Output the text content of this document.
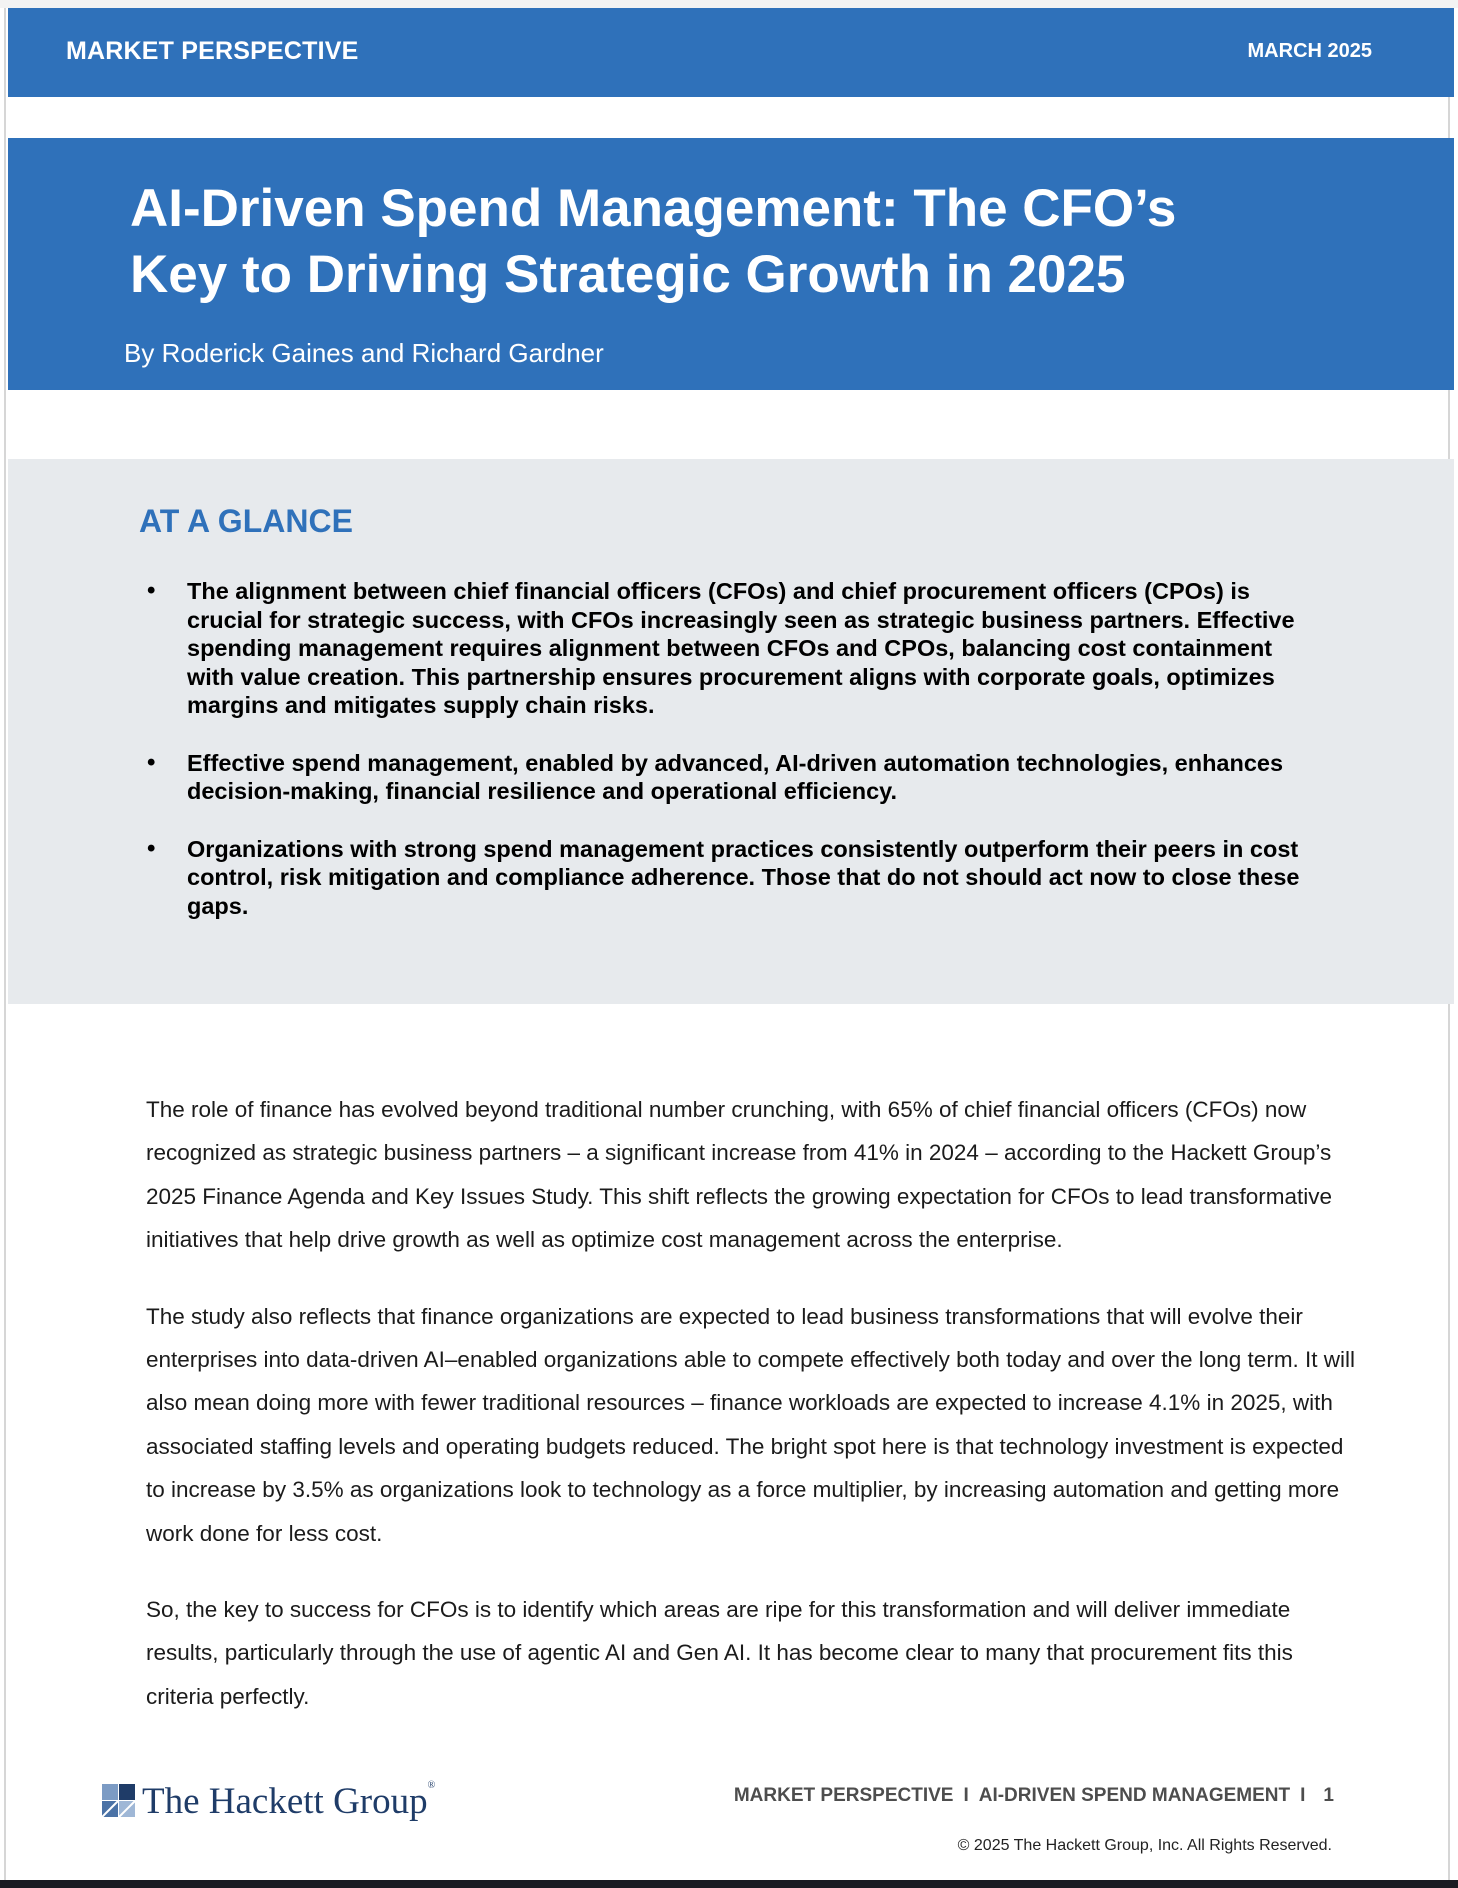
MARKET PERSPECTIVE	MARCH 2025
AI-Driven Spend Management: The CFO’s
Key to Driving Strategic Growth in 2025
By Roderick Gaines and Richard Gardner
AT A GLANCE
• The alignment between chief financial officers (CFOs) and chief procurement officers (CPOs) is crucial for strategic success, with CFOs increasingly seen as strategic business partners. Effective spending management requires alignment between CFOs and CPOs, balancing cost containment with value creation. This partnership ensures procurement aligns with corporate goals, optimizes margins and mitigates supply chain risks.
• Effective spend management, enabled by advanced, AI-driven automation technologies, enhances decision-making, financial resilience and operational efficiency.
• Organizations with strong spend management practices consistently outperform their peers in cost control, risk mitigation and compliance adherence. Those that do not should act now to close these gaps.

The role of finance has evolved beyond traditional number crunching, with 65% of chief financial officers (CFOs) now recognized as strategic business partners – a significant increase from 41% in 2024 – according to the Hackett Group’s 2025 Finance Agenda and Key Issues Study. This shift reflects the growing expectation for CFOs to lead transformative initiatives that help drive growth as well as optimize cost management across the enterprise.

The study also reflects that finance organizations are expected to lead business transformations that will evolve their enterprises into data-driven AI–enabled organizations able to compete effectively both today and over the long term. It will also mean doing more with fewer traditional resources – finance workloads are expected to increase 4.1% in 2025, with associated staffing levels and operating budgets reduced. The bright spot here is that technology investment is expected to increase by 3.5% as organizations look to technology as a force multiplier, by increasing automation and getting more work done for less cost.

So, the key to success for CFOs is to identify which areas are ripe for this transformation and will deliver immediate results, particularly through the use of agentic AI and Gen AI. It has become clear to many that procurement fits this criteria perfectly.

The Hackett Group®	MARKET PERSPECTIVE I AI-DRIVEN SPEND MANAGEMENT I 1
© 2025 The Hackett Group, Inc. All Rights Reserved.
